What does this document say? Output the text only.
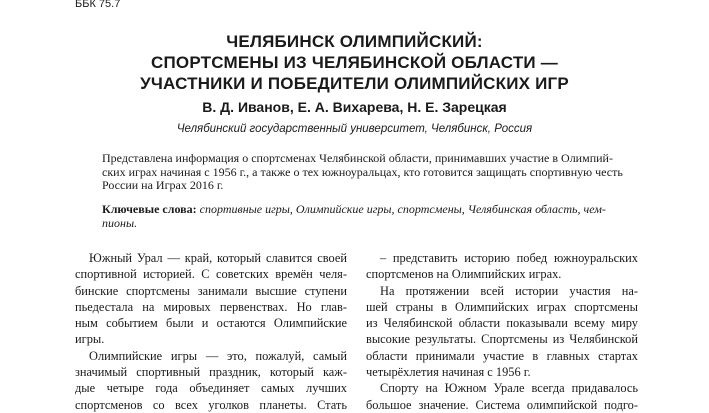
ББК 75.7
ЧЕЛЯБИНСК ОЛИМПИЙСКИЙ:
СПОРТСМЕНЫ ИЗ ЧЕЛЯБИНСКОЙ ОБЛАСТИ —
УЧАСТНИКИ И ПОБЕДИТЕЛИ ОЛИМПИЙСКИХ ИГР
В. Д. Иванов, Е. А. Вихарева, Н. Е. Зарецкая
Челябинский государственный университет, Челябинск, Россия
Представлена информация о спортсменах Челябинской области, принимавших участие в Олимпий-
ских играх начиная с 1956 г., а также о тех южноуральцах, кто готовится защищать спортивную честь
России на Играх 2016 г.
Ключевые слова: спортивные игры, Олимпийские игры, спортсмены, Челябинская область, чем-
пионы.
Южный Урал — край, который славится своей
спортивной историей. С советских времён челя-
бинские спортсмены занимали высшие ступени
пьедестала на мировых первенствах. Но глав-
ным событием были и остаются Олимпийские
игры.
Олимпийские игры — это, пожалуй, самый
значимый спортивный праздник, который каж-
дые четыре года объединяет самых лучших
спортсменов со всех уголков планеты. Стать
– представить историю побед южноуральских
спортсменов на Олимпийских играх.
На протяжении всей истории участия на-
шей страны в Олимпийских играх спортсмены
из Челябинской области показывали всему миру
высокие результаты. Спортсмены из Челябинской
области принимали участие в главных стартах
четырёхлетия начиная с 1956 г.
Спорту на Южном Урале всегда придавалось
большое значение. Система олимпийской подго-
